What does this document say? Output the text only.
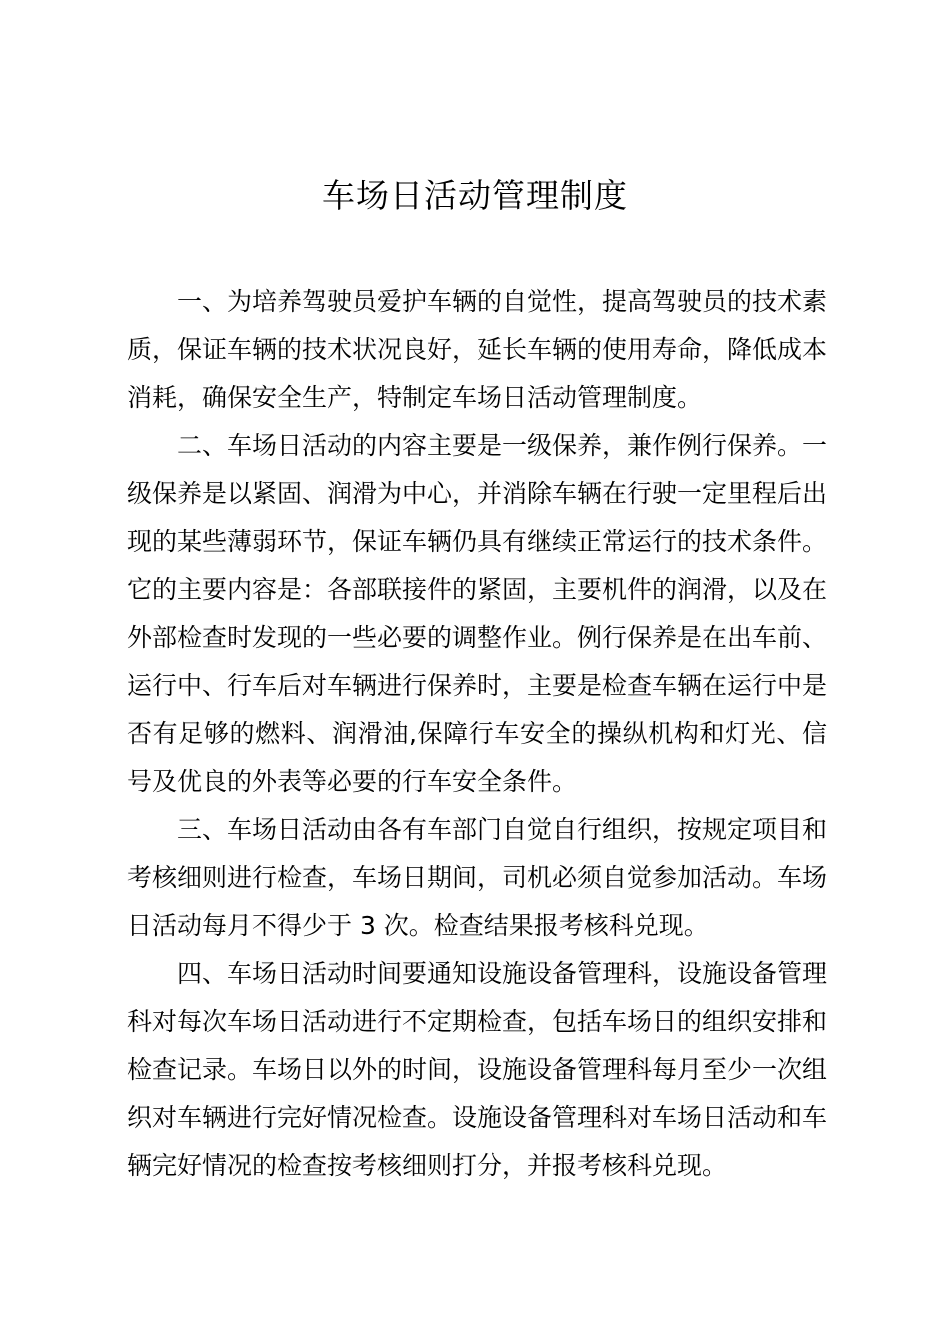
车场日活动管理制度

一、为培养驾驶员爱护车辆的自觉性，提高驾驶员的技术素质，保证车辆的技术状况良好，延长车辆的使用寿命，降低成本消耗，确保安全生产，特制定车场日活动管理制度。

二、车场日活动的内容主要是一级保养，兼作例行保养。一级保养是以紧固、润滑为中心，并消除车辆在行驶一定里程后出现的某些薄弱环节，保证车辆仍具有继续正常运行的技术条件。它的主要内容是：各部联接件的紧固，主要机件的润滑，以及在外部检查时发现的一些必要的调整作业。例行保养是在出车前、运行中、行车后对车辆进行保养时，主要是检查车辆在运行中是否有足够的燃料、润滑油,保障行车安全的操纵机构和灯光、信号及优良的外表等必要的行车安全条件。

三、车场日活动由各有车部门自觉自行组织，按规定项目和考核细则进行检查，车场日期间，司机必须自觉参加活动。车场日活动每月不得少于 3 次。检查结果报考核科兑现。

四、车场日活动时间要通知设施设备管理科，设施设备管理科对每次车场日活动进行不定期检查，包括车场日的组织安排和检查记录。车场日以外的时间，设施设备管理科每月至少一次组织对车辆进行完好情况检查。设施设备管理科对车场日活动和车辆完好情况的检查按考核细则打分，并报考核科兑现。
